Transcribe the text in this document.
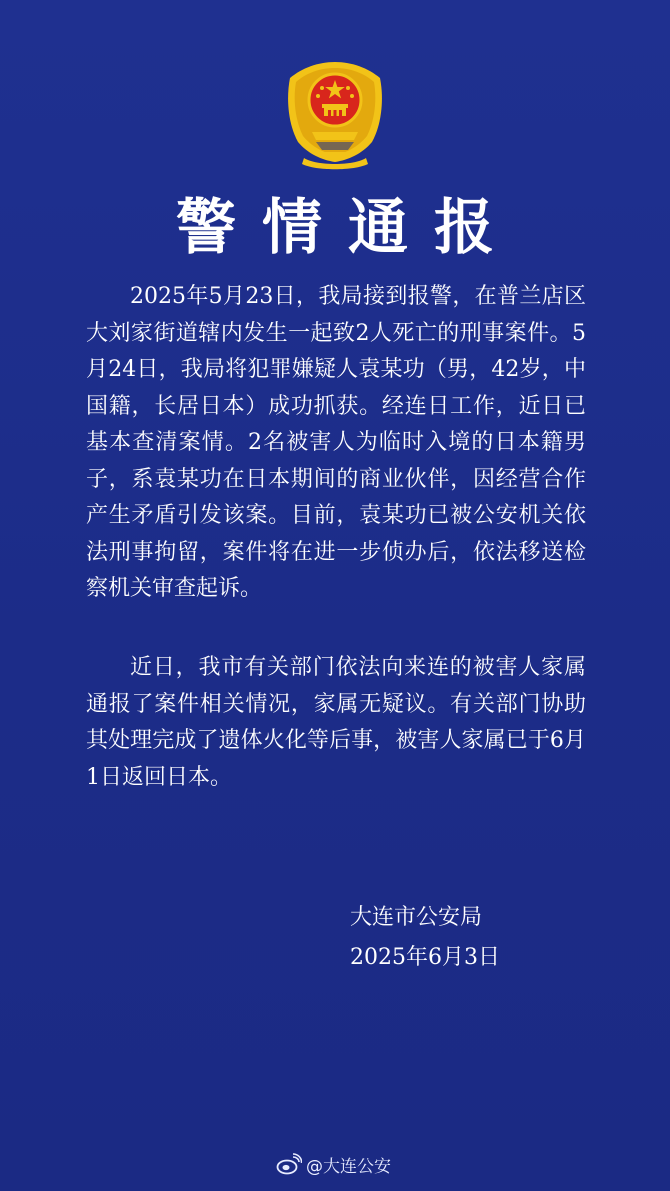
警情通报

2025年5月23日，我局接到报警，在普兰店区大刘家街道辖内发生一起致2人死亡的刑事案件。5月24日，我局将犯罪嫌疑人袁某功（男，42岁，中国籍，长居日本）成功抓获。经连日工作，近日已基本查清案情。2名被害人为临时入境的日本籍男子，系袁某功在日本期间的商业伙伴，因经营合作产生矛盾引发该案。目前，袁某功已被公安机关依法刑事拘留，案件将在进一步侦办后，依法移送检察机关审查起诉。

近日，我市有关部门依法向来连的被害人家属通报了案件相关情况，家属无疑议。有关部门协助其处理完成了遗体火化等后事，被害人家属已于6月1日返回日本。

大连市公安局
2025年6月3日
@大连公安
